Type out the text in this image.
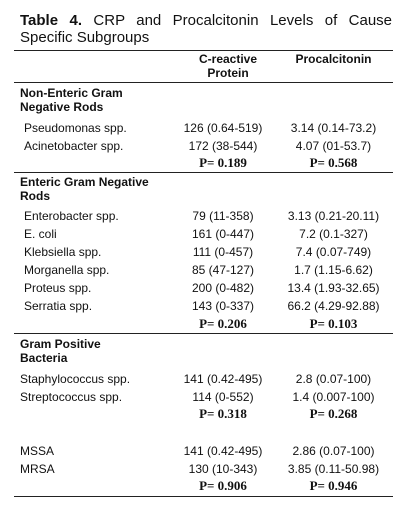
Table 4. CRP and Procalcitonin Levels of Cause Specific Subgroups
C-reactive Protein
Procalcitonin
Non-Enteric Gram Negative Rods
Pseudomonas spp.	126 (0.64-519)	3.14 (0.14-73.2)
Acinetobacter spp.	172 (38-544)	4.07 (01-53.7)
P= 0.189	P= 0.568
Enteric Gram Negative Rods
Enterobacter spp.	79 (11-358)	3.13 (0.21-20.11)
E. coli	161 (0-447)	7.2 (0.1-327)
Klebsiella spp.	111 (0-457)	7.4 (0.07-749)
Morganella spp.	85 (47-127)	1.7 (1.15-6.62)
Proteus spp.	200 (0-482)	13.4 (1.93-32.65)
Serratia spp.	143 (0-337)	66.2 (4.29-92.88)
P= 0.206	P= 0.103
Gram Positive Bacteria
Staphylococcus spp.	141 (0.42-495)	2.8 (0.07-100)
Streptococcus spp.	114 (0-552)	1.4 (0.007-100)
P= 0.318	P= 0.268
MSSA	141 (0.42-495)	2.86 (0.07-100)
MRSA	130 (10-343)	3.85 (0.11-50.98)
P= 0.906	P= 0.946
